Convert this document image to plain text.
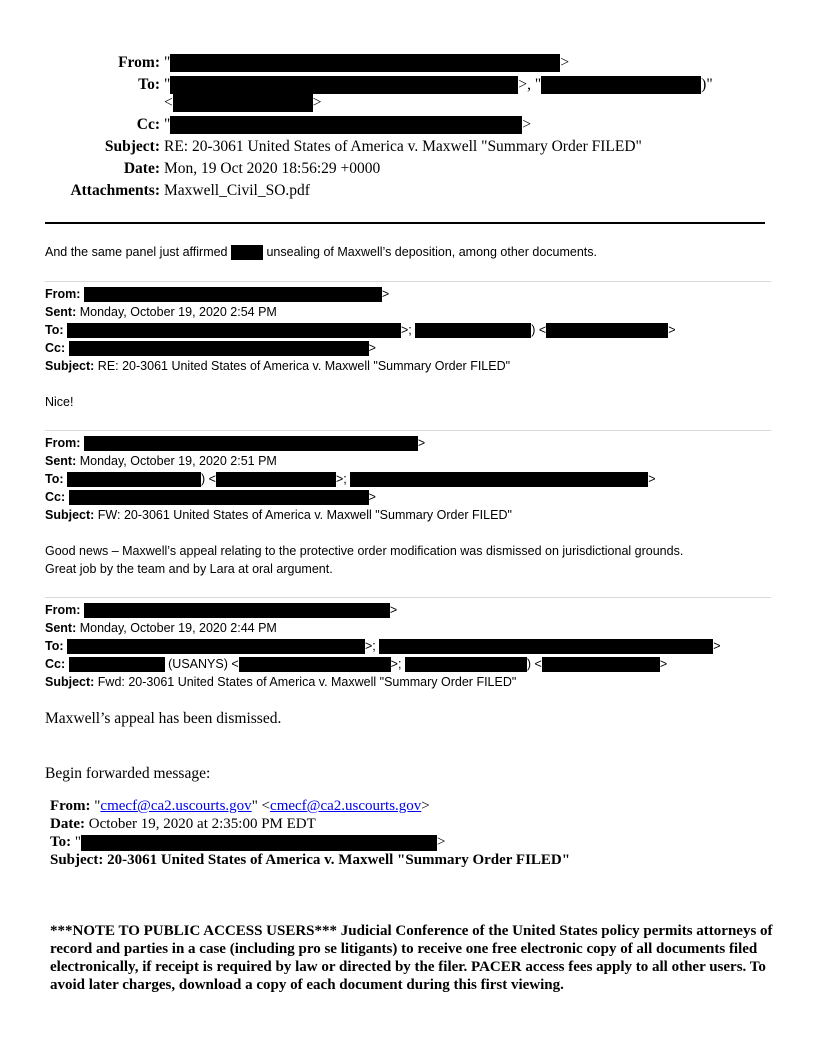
From: "	>
To: "	>, "	)"
<	>
Cc: "	>
Subject: RE: 20-3061 United States of America v. Maxwell "Summary Order FILED"
Date: Mon, 19 Oct 2020 18:56:29 +0000
Attachments: Maxwell_Civil_SO.pdf
And the same panel just affirmed	unsealing of Maxwell’s deposition, among other documents.
From:	>
Sent: Monday, October 19, 2020 2:54 PM
To:	>;	) <	>
Cc:	>
Subject: RE: 20-3061 United States of America v. Maxwell "Summary Order FILED"
Nice!
From:	>
Sent: Monday, October 19, 2020 2:51 PM
To:	) <	>;	>
Cc:	>
Subject: FW: 20-3061 United States of America v. Maxwell "Summary Order FILED"
Good news – Maxwell’s appeal relating to the protective order modification was dismissed on jurisdictional grounds.
Great job by the team and by Lara at oral argument.
From:	>
Sent: Monday, October 19, 2020 2:44 PM
To:	>;	>
Cc:	(USANYS) <	>;	) <	>
Subject: Fwd: 20-3061 United States of America v. Maxwell "Summary Order FILED"
Maxwell’s appeal has been dismissed.
Begin forwarded message:
From: "cmecf@ca2.uscourts.gov" <cmecf@ca2.uscourts.gov>
Date: October 19, 2020 at 2:35:00 PM EDT
To: "	>
Subject: 20-3061 United States of America v. Maxwell "Summary Order FILED"
***NOTE TO PUBLIC ACCESS USERS*** Judicial Conference of the United States policy permits attorneys of record and parties in a case (including pro se litigants) to receive one free electronic copy of all documents filed electronically, if receipt is required by law or directed by the filer. PACER access fees apply to all other users. To avoid later charges, download a copy of each document during this first viewing.
